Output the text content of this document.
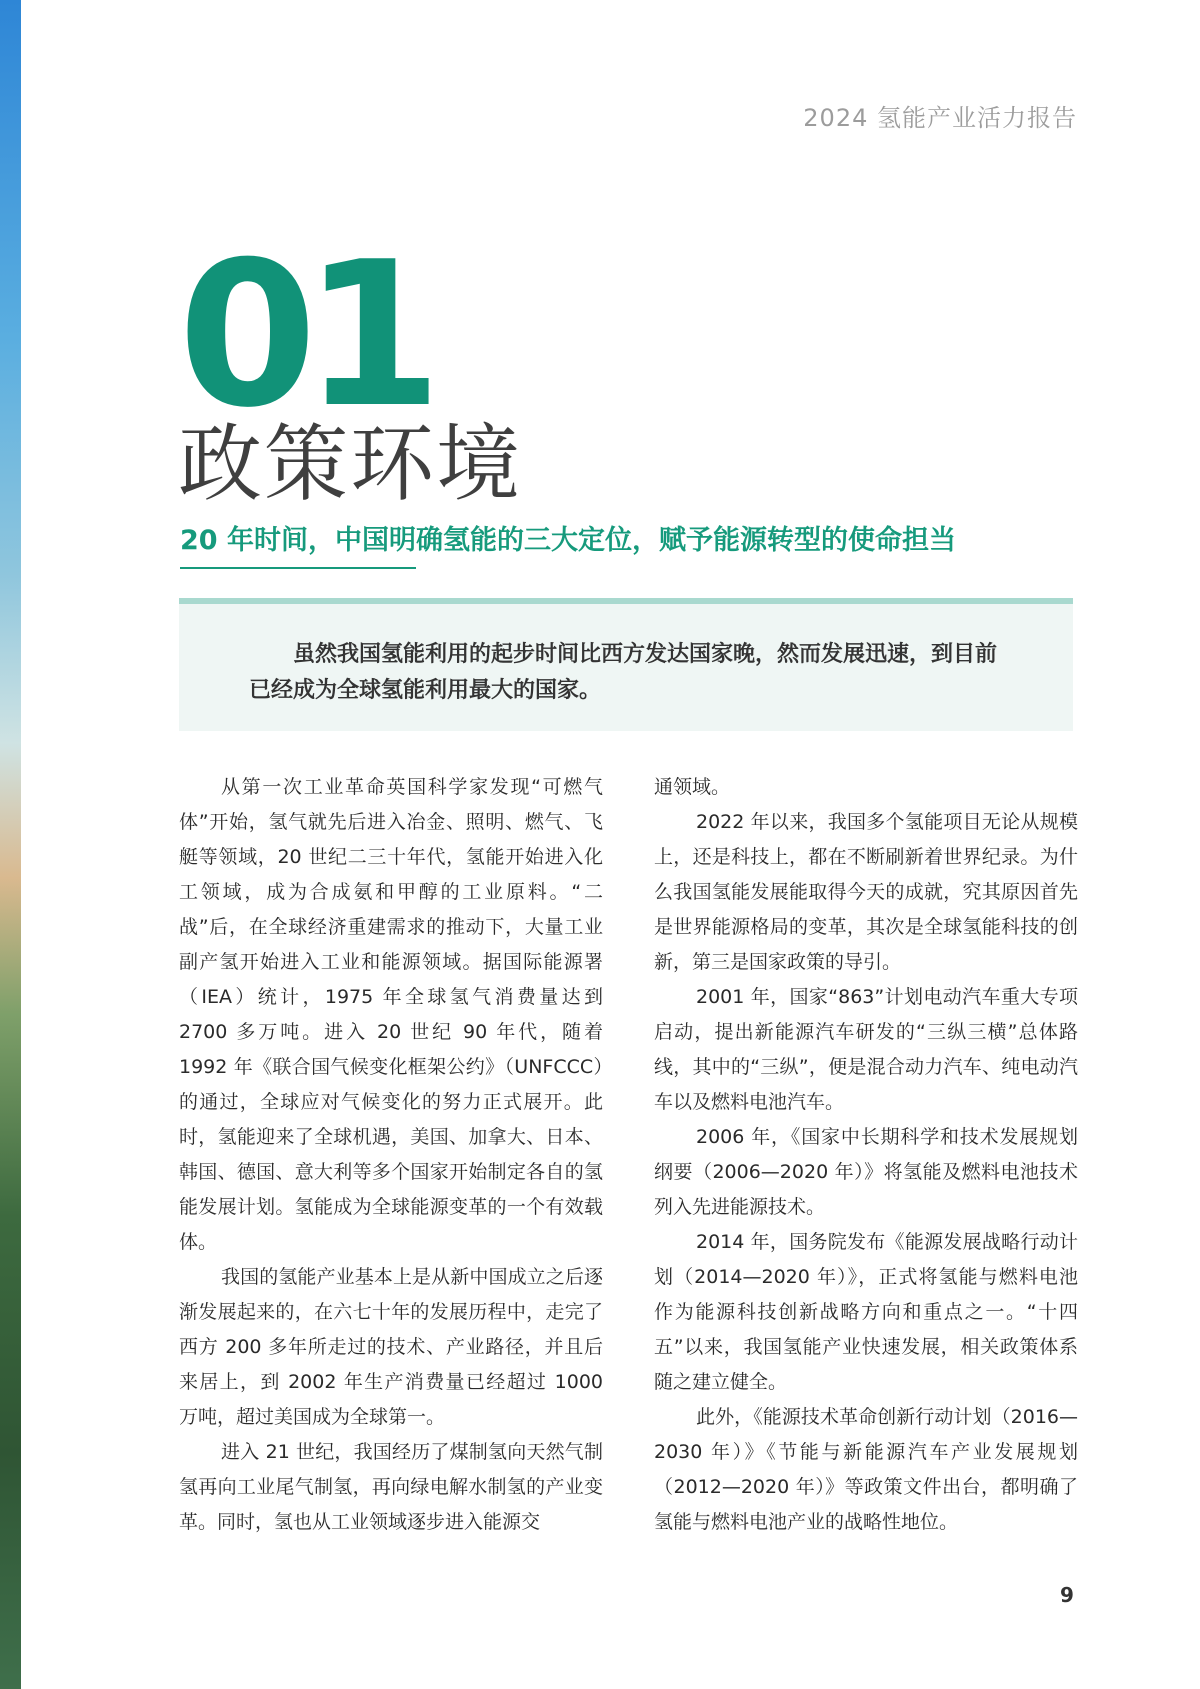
2024 氢能产业活力报告
01
政策环境
20 年时间，中国明确氢能的三大定位，赋予能源转型的使命担当

虽然我国氢能利用的起步时间比西方发达国家晚，然而发展迅速，到目前已经成为全球氢能利用最大的国家。

从第一次工业革命英国科学家发现“可燃气体”开始，氢气就先后进入冶金、照明、燃气、飞艇等领域，20 世纪二三十年代，氢能开始进入化工领域，成为合成氨和甲醇的工业原料。“二战”后，在全球经济重建需求的推动下，大量工业副产氢开始进入工业和能源领域。据国际能源署（IEA）统计，1975 年全球氢气消费量达到 2700 多万吨。进入 20 世纪 90 年代，随着 1992 年《联合国气候变化框架公约》（UNFCCC）的通过，全球应对气候变化的努力正式展开。此时，氢能迎来了全球机遇，美国、加拿大、日本、韩国、德国、意大利等多个国家开始制定各自的氢能发展计划。氢能成为全球能源变革的一个有效载体。

我国的氢能产业基本上是从新中国成立之后逐渐发展起来的，在六七十年的发展历程中，走完了西方 200 多年所走过的技术、产业路径，并且后来居上，到 2002 年生产消费量已经超过 1000 万吨，超过美国成为全球第一。

进入 21 世纪，我国经历了煤制氢向天然气制氢再向工业尾气制氢，再向绿电解水制氢的产业变革。同时，氢也从工业领域逐步进入能源交

通领域。

2022 年以来，我国多个氢能项目无论从规模上，还是科技上，都在不断刷新着世界纪录。为什么我国氢能发展能取得今天的成就，究其原因首先是世界能源格局的变革，其次是全球氢能科技的创新，第三是国家政策的导引。

2001 年，国家“863”计划电动汽车重大专项启动，提出新能源汽车研发的“三纵三横”总体路线，其中的“三纵”，便是混合动力汽车、纯电动汽车以及燃料电池汽车。

2006 年，《国家中长期科学和技术发展规划纲要（2006—2020 年）》将氢能及燃料电池技术列入先进能源技术。

2014 年，国务院发布《能源发展战略行动计划（2014—2020 年）》，正式将氢能与燃料电池作为能源科技创新战略方向和重点之一。“十四五”以来，我国氢能产业快速发展，相关政策体系随之建立健全。

此外，《能源技术革命创新行动计划（2016—2030 年）》《节能与新能源汽车产业发展规划（2012—2020 年）》等政策文件出台，都明确了氢能与燃料电池产业的战略性地位。

9
